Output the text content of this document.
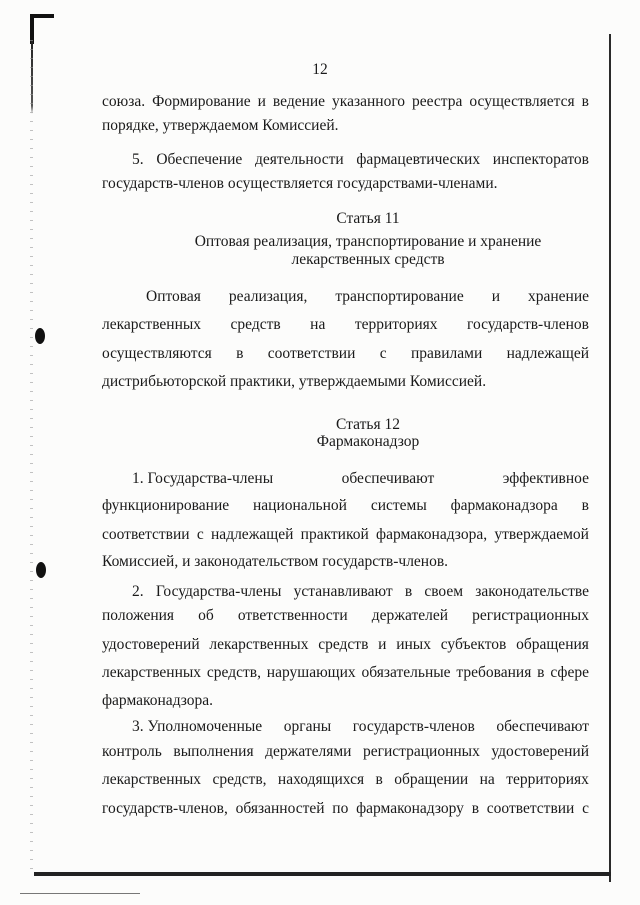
12
союза. Формирование и ведение указанного реестра осуществляется в
порядке, утверждаемом Комиссией.
5. Обеспечение деятельности фармацевтических инспекторатов
государств-членов осуществляется государствами-членами.
Статья 11
Оптовая реализация, транспортирование и хранение
лекарственных средств
Оптовая реализация, транспортирование и хранение
лекарственных средств на территориях государств-членов
осуществляются в соответствии с правилами надлежащей
дистрибьюторской практики, утверждаемыми Комиссией.
Статья 12
Фармаконадзор
1. Государства-члены	обеспечивают	эффективное
функционирование национальной системы фармаконадзора в
соответствии с надлежащей практикой фармаконадзора, утверждаемой
Комиссией, и законодательством государств-членов.
2. Государства-члены устанавливают в своем законодательстве
положения об ответственности держателей регистрационных
удостоверений лекарственных средств и иных субъектов обращения
лекарственных средств, нарушающих обязательные требования в сфере
фармаконадзора.
3. Уполномоченные органы государств-членов обеспечивают
контроль выполнения держателями регистрационных удостоверений
лекарственных средств, находящихся в обращении на территориях
государств-членов, обязанностей по фармаконадзору в соответствии с
